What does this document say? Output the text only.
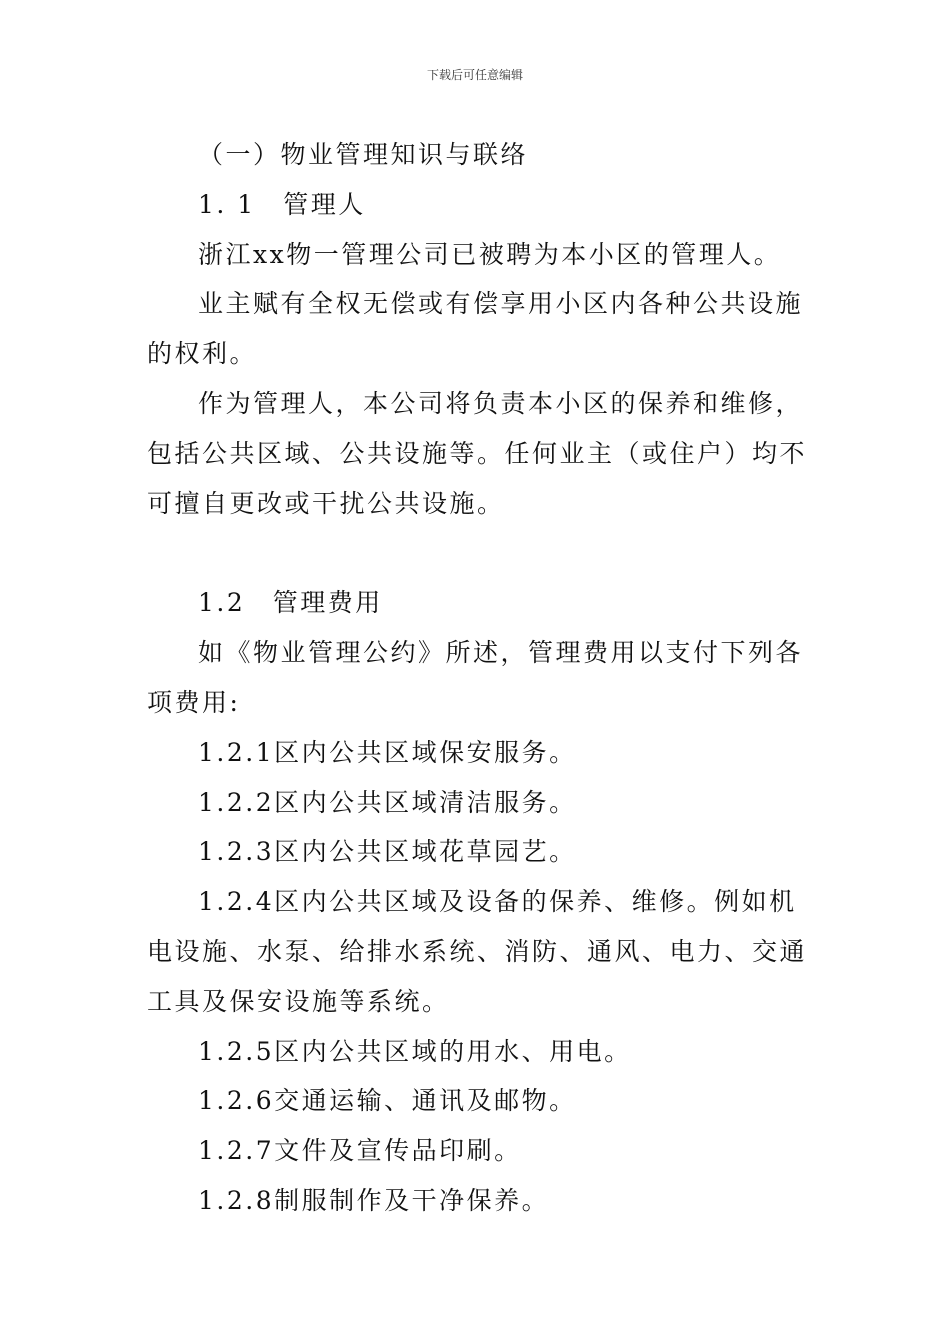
下载后可任意编辑

（一）物业管理知识与联络

1. 1　管理人

浙江xx物一管理公司已被聘为本小区的管理人。

业主赋有全权无偿或有偿享用小区内各种公共设施的权利。

作为管理人，本公司将负责本小区的保养和维修，包括公共区域、公共设施等。任何业主（或住户）均不可擅自更改或干扰公共设施。

1.2　管理费用

如《物业管理公约》所述，管理费用以支付下列各项费用:

1.2.1区内公共区域保安服务。

1.2.2区内公共区域清洁服务。

1.2.3区内公共区域花草园艺。

1.2.4区内公共区域及设备的保养、维修。例如机电设施、水泵、给排水系统、消防、通风、电力、交通工具及保安设施等系统。

1.2.5区内公共区域的用水、用电。

1.2.6交通运输、通讯及邮物。

1.2.7文件及宣传品印刷。

1.2.8制服制作及干净保养。
